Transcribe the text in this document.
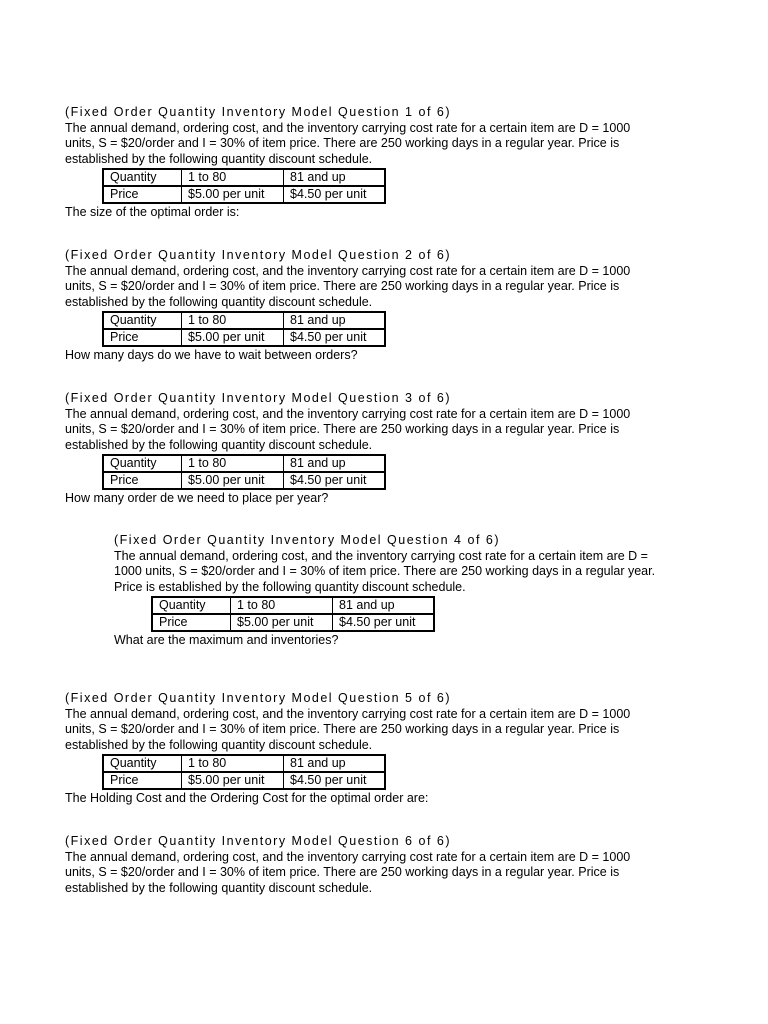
(Fixed Order Quantity Inventory Model Question 1 of 6)
The annual demand, ordering cost, and the inventory carrying cost rate for a certain item are D = 1000 units, S = $20/order and I = 30% of item price. There are 250 working days in a regular year. Price is established by the following quantity discount schedule.
Quantity	1 to 80	81 and up
Price	$5.00 per unit	$4.50 per unit
The size of the optimal order is:
(Fixed Order Quantity Inventory Model Question 2 of 6)
The annual demand, ordering cost, and the inventory carrying cost rate for a certain item are D = 1000 units, S = $20/order and I = 30% of item price. There are 250 working days in a regular year. Price is established by the following quantity discount schedule.
Quantity	1 to 80	81 and up
Price	$5.00 per unit	$4.50 per unit
How many days do we have to wait between orders?
(Fixed Order Quantity Inventory Model Question 3 of 6)
The annual demand, ordering cost, and the inventory carrying cost rate for a certain item are D = 1000 units, S = $20/order and I = 30% of item price. There are 250 working days in a regular year. Price is established by the following quantity discount schedule.
Quantity	1 to 80	81 and up
Price	$5.00 per unit	$4.50 per unit
How many order de we need to place per year?
(Fixed Order Quantity Inventory Model Question 4 of 6)
The annual demand, ordering cost, and the inventory carrying cost rate for a certain item are D = 1000 units, S = $20/order and I = 30% of item price. There are 250 working days in a regular year. Price is established by the following quantity discount schedule.
Quantity	1 to 80	81 and up
Price	$5.00 per unit	$4.50 per unit
What are the maximum and inventories?
(Fixed Order Quantity Inventory Model Question 5 of 6)
The annual demand, ordering cost, and the inventory carrying cost rate for a certain item are D = 1000 units, S = $20/order and I = 30% of item price. There are 250 working days in a regular year. Price is established by the following quantity discount schedule.
Quantity	1 to 80	81 and up
Price	$5.00 per unit	$4.50 per unit
The Holding Cost and the Ordering Cost for the optimal order are:
(Fixed Order Quantity Inventory Model Question 6 of 6)
The annual demand, ordering cost, and the inventory carrying cost rate for a certain item are D = 1000 units, S = $20/order and I = 30% of item price. There are 250 working days in a regular year. Price is established by the following quantity discount schedule.
